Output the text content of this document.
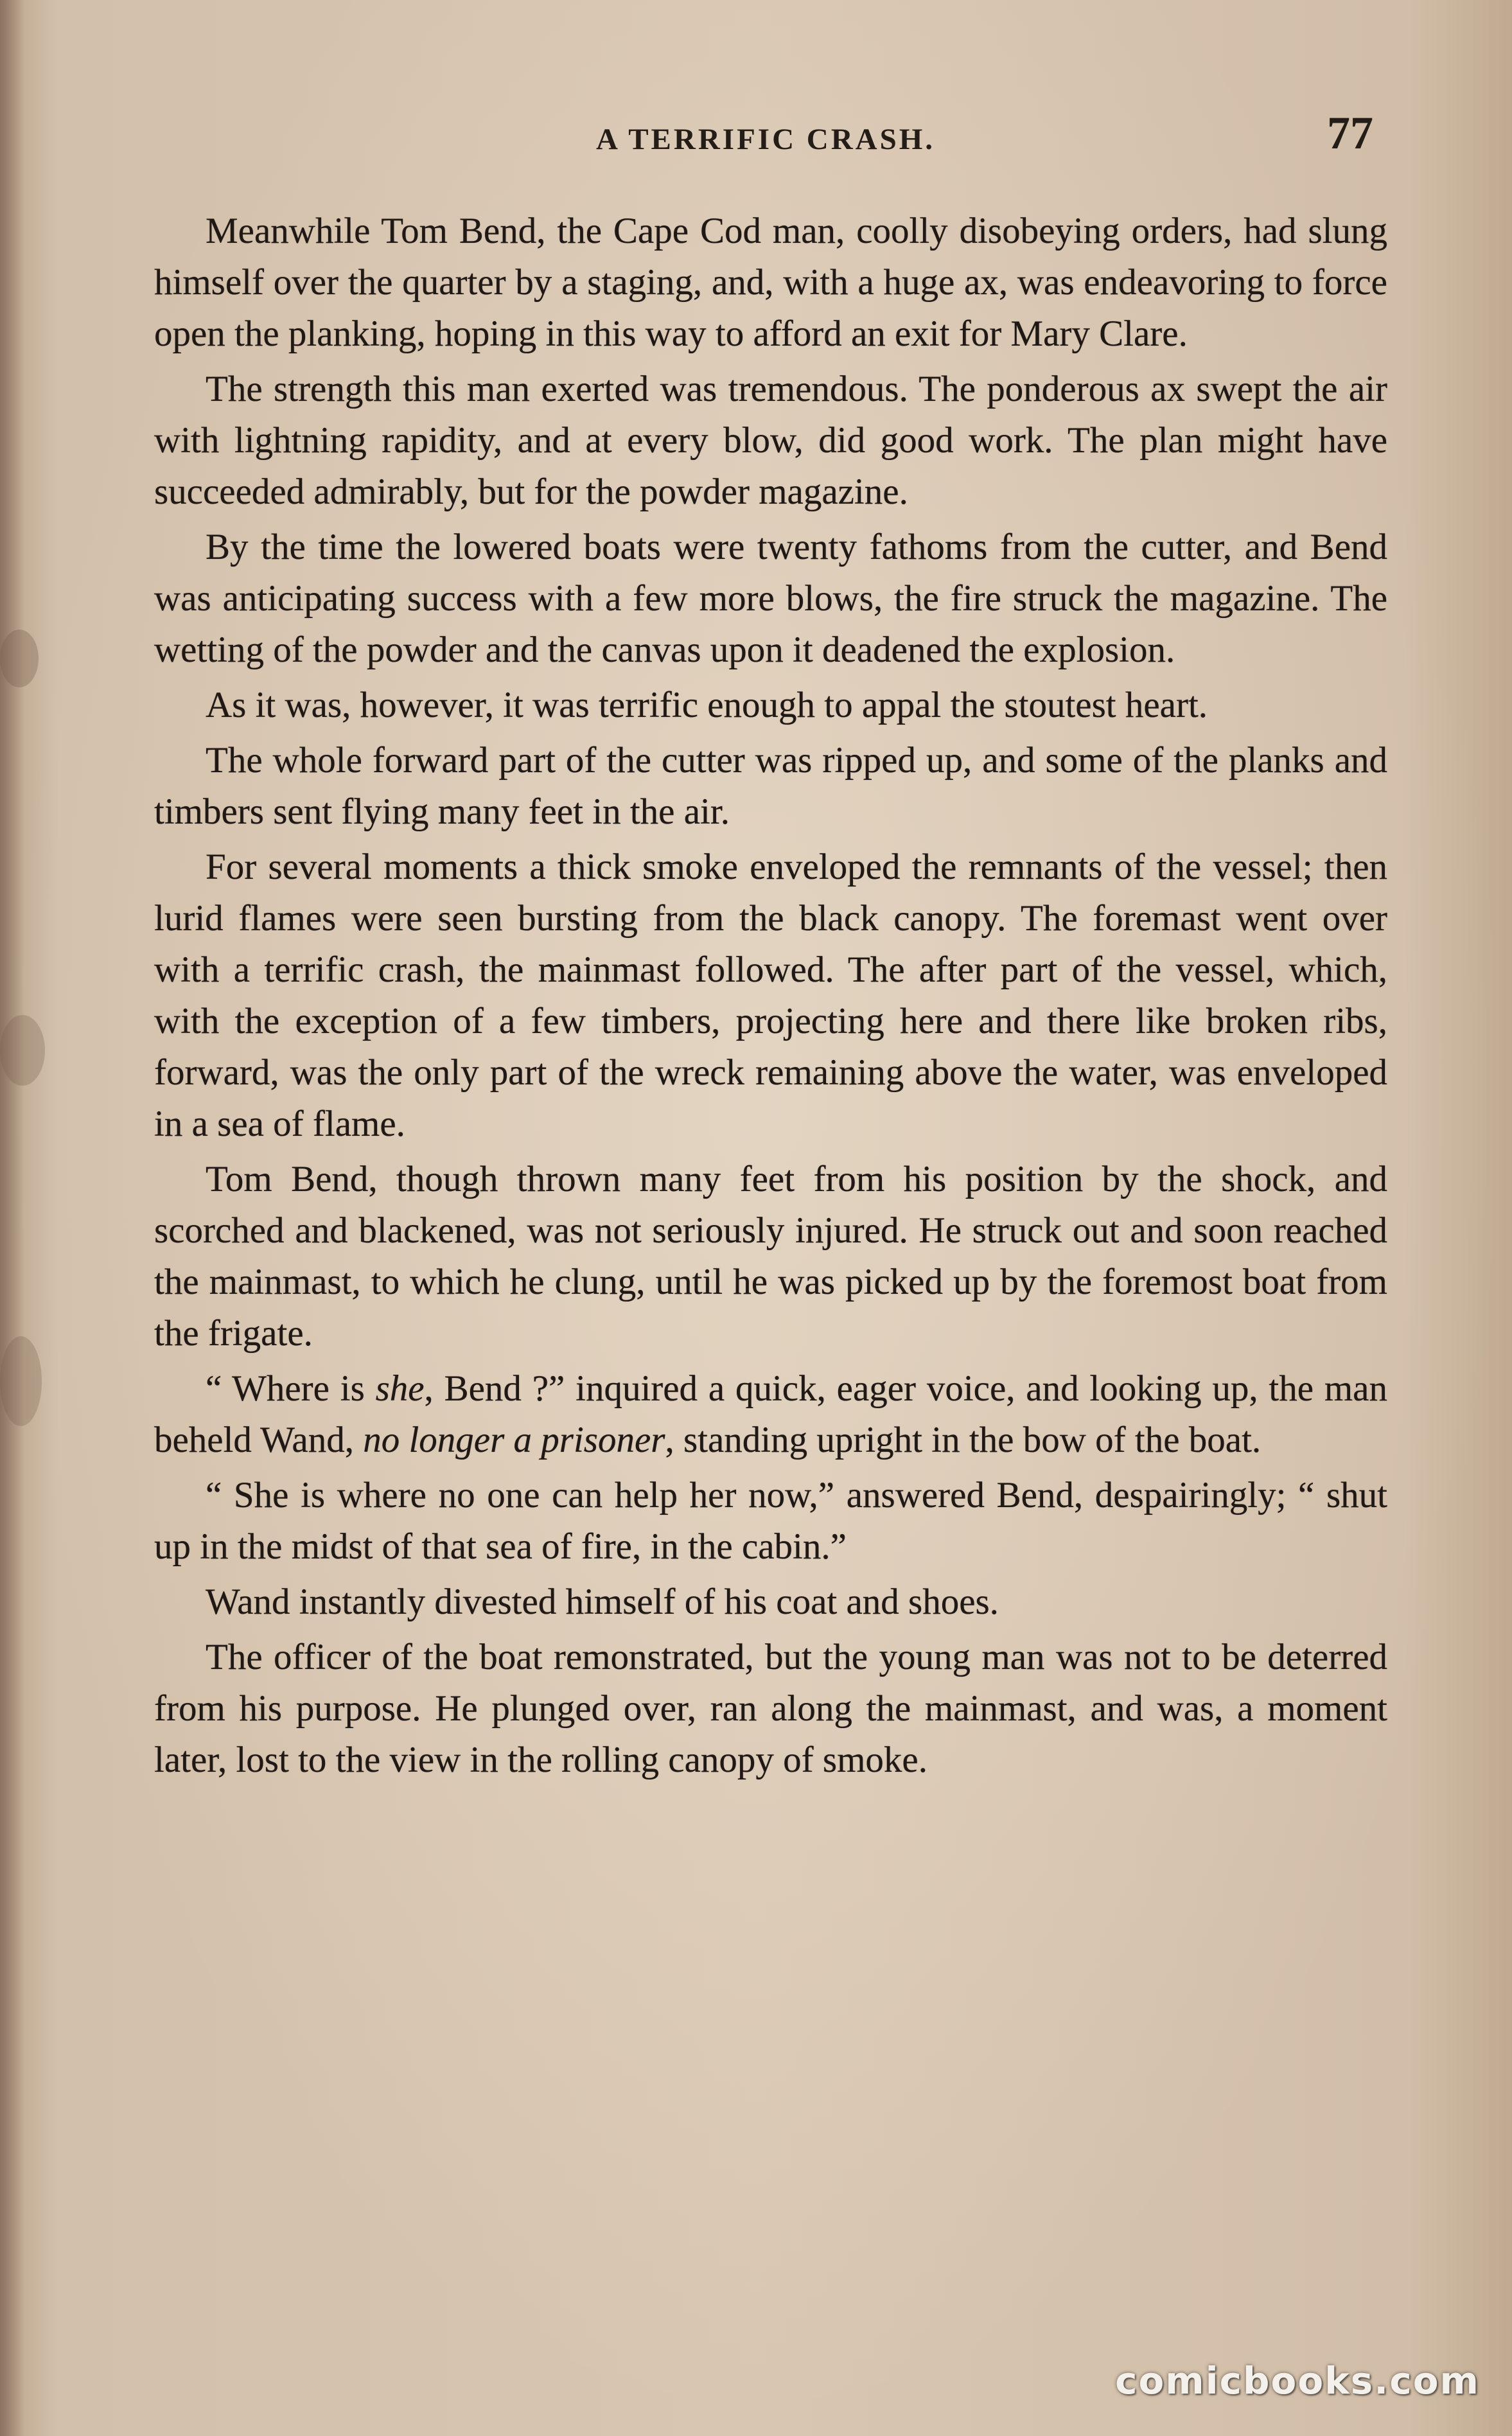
A TERRIFIC CRASH.	77

Meanwhile Tom Bend, the Cape Cod man, coolly disobeying orders, had slung himself over the quarter by a staging, and, with a huge ax, was endeavoring to force open the planking, hoping in this way to afford an exit for Mary Clare.

The strength this man exerted was tremendous. The ponderous ax swept the air with lightning rapidity, and at every blow, did good work. The plan might have succeeded admirably, but for the powder magazine.

By the time the lowered boats were twenty fathoms from the cutter, and Bend was anticipating success with a few more blows, the fire struck the magazine. The wetting of the powder and the canvas upon it deadened the explosion.

As it was, however, it was terrific enough to appal the stoutest heart.

The whole forward part of the cutter was ripped up, and some of the planks and timbers sent flying many feet in the air.

For several moments a thick smoke enveloped the remnants of the vessel; then lurid flames were seen bursting from the black canopy. The foremast went over with a terrific crash, the mainmast followed. The after part of the vessel, which, with the exception of a few timbers, projecting here and there like broken ribs, forward, was the only part of the wreck remaining above the water, was enveloped in a sea of flame.

Tom Bend, though thrown many feet from his position by the shock, and scorched and blackened, was not seriously injured. He struck out and soon reached the mainmast, to which he clung, until he was picked up by the foremost boat from the frigate.

“ Where is she, Bend ?” inquired a quick, eager voice, and looking up, the man beheld Wand, no longer a prisoner, standing upright in the bow of the boat.

“ She is where no one can help her now,” answered Bend, despairingly; “ shut up in the midst of that sea of fire, in the cabin.”

Wand instantly divested himself of his coat and shoes.

The officer of the boat remonstrated, but the young man was not to be deterred from his purpose. He plunged over, ran along the mainmast, and was, a moment later, lost to the view in the rolling canopy of smoke.

comicbooks.com
